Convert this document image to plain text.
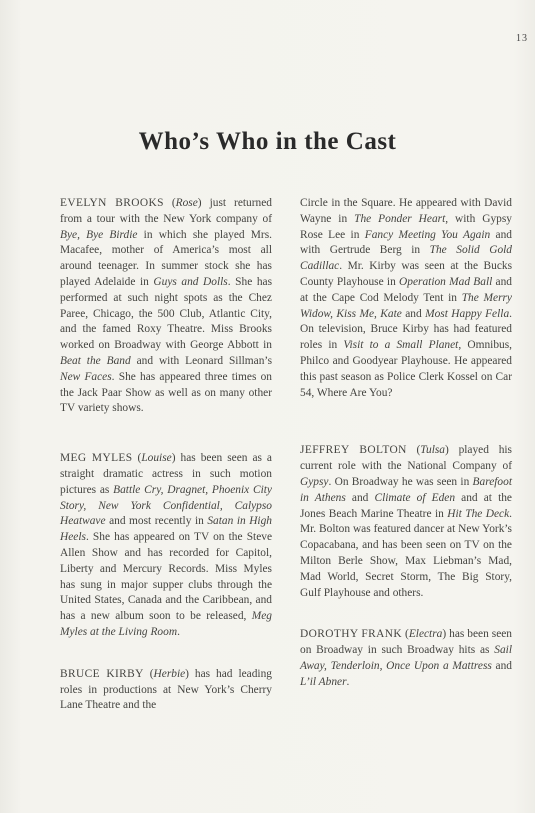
13
Who’s Who in the Cast

EVELYN BROOKS (Rose) just returned from a tour with the New York company of Bye, Bye Birdie in which she played Mrs. Macafee, mother of America’s most all around teenager. In summer stock she has played Adelaide in Guys and Dolls. She has performed at such night spots as the Chez Paree, Chicago, the 500 Club, Atlantic City, and the famed Roxy Theatre. Miss Brooks worked on Broadway with George Abbott in Beat the Band and with Leonard Sillman’s New Faces. She has appeared three times on the Jack Paar Show as well as on many other TV variety shows.

MEG MYLES (Louise) has been seen as a straight dramatic actress in such motion pictures as Battle Cry, Dragnet, Phoenix City Story, New York Confidential, Calypso Heatwave and most recently in Satan in High Heels. She has appeared on TV on the Steve Allen Show and has recorded for Capitol, Liberty and Mercury Records. Miss Myles has sung in major supper clubs through the United States, Canada and the Caribbean, and has a new album soon to be released, Meg Myles at the Living Room.

BRUCE KIRBY (Herbie) has had leading roles in productions at New York’s Cherry Lane Theatre and the

Circle in the Square. He appeared with David Wayne in The Ponder Heart, with Gypsy Rose Lee in Fancy Meeting You Again and with Gertrude Berg in The Solid Gold Cadillac. Mr. Kirby was seen at the Bucks County Playhouse in Operation Mad Ball and at the Cape Cod Melody Tent in The Merry Widow, Kiss Me, Kate and Most Happy Fella. On television, Bruce Kirby has had featured roles in Visit to a Small Planet, Omnibus, Philco and Goodyear Playhouse. He appeared this past season as Police Clerk Kossel on Car 54, Where Are You?

JEFFREY BOLTON (Tulsa) played his current role with the National Company of Gypsy. On Broadway he was seen in Barefoot in Athens and Climate of Eden and at the Jones Beach Marine Theatre in Hit The Deck. Mr. Bolton was featured dancer at New York’s Copacabana, and has been seen on TV on the Milton Berle Show, Max Liebman’s Mad, Mad World, Secret Storm, The Big Story, Gulf Playhouse and others.

DOROTHY FRANK (Electra) has been seen on Broadway in such Broadway hits as Sail Away, Tenderloin, Once Upon a Mattress and L’il Abner.
